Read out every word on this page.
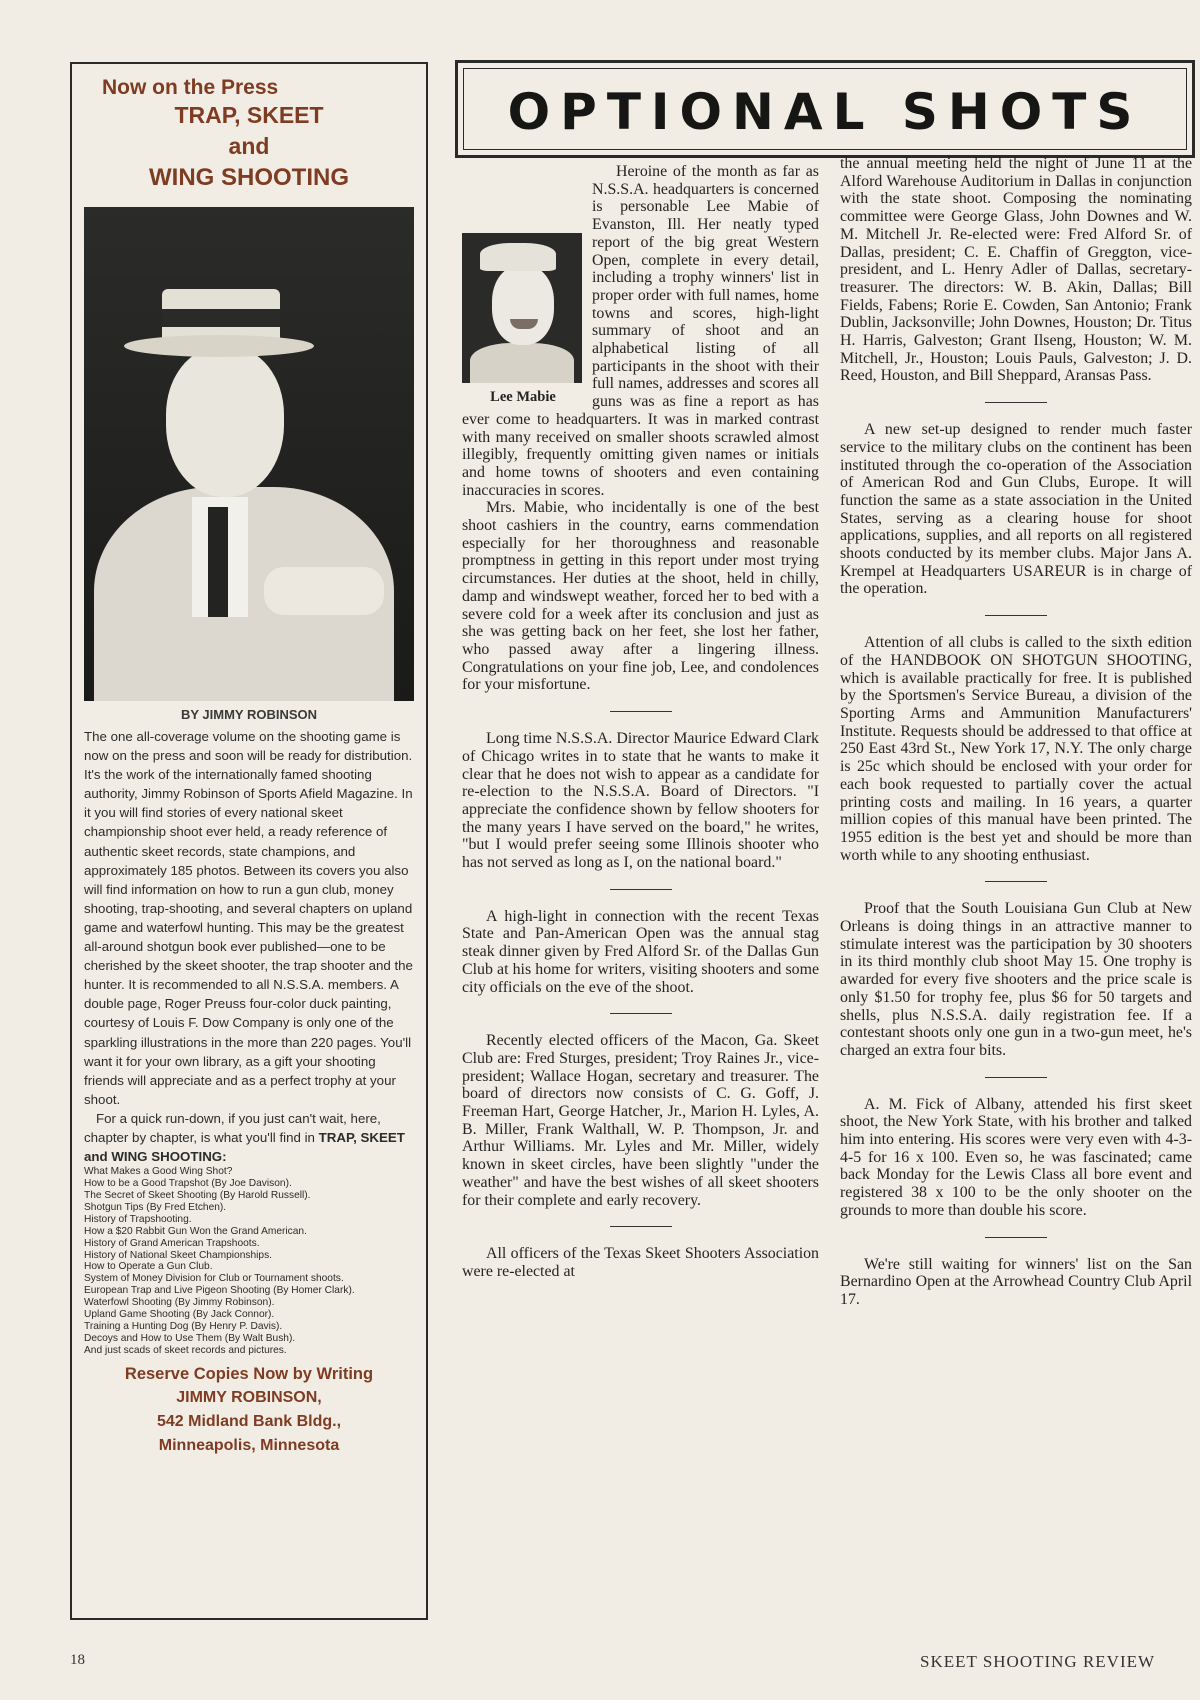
Now on the Press
TRAP, SKEET
and
WING SHOOTING
BY JIMMY ROBINSON

The one all-coverage volume on the shooting game is now on the press and soon will be ready for distribution. It's the work of the internationally famed shooting authority, Jimmy Robinson of Sports Afield Magazine. In it you will find stories of every national skeet championship shoot ever held, a ready reference of authentic skeet records, state champions, and approximately 185 photos. Between its covers you also will find information on how to run a gun club, money shooting, trap-shooting, and several chapters on upland game and waterfowl hunting. This may be the greatest all-around shotgun book ever published—one to be cherished by the skeet shooter, the trap shooter and the hunter. It is recommended to all N.S.S.A. members. A double page, Roger Preuss four-color duck painting, courtesy of Louis F. Dow Company is only one of the sparkling illustrations in the more than 220 pages. You'll want it for your own library, as a gift your shooting friends will appreciate and as a perfect trophy at your shoot.

For a quick run-down, if you just can't wait, here, chapter by chapter, is what you'll find in TRAP, SKEET and WING SHOOTING:

What Makes a Good Wing Shot?
How to be a Good Trapshot (By Joe Davison).
The Secret of Skeet Shooting (By Harold Russell).
Shotgun Tips (By Fred Etchen).
History of Trapshooting.
How a $20 Rabbit Gun Won the Grand American.
History of Grand American Trapshoots.
History of National Skeet Championships.
How to Operate a Gun Club.
System of Money Division for Club or Tournament shoots.
European Trap and Live Pigeon Shooting (By Homer Clark).
Waterfowl Shooting (By Jimmy Robinson).
Upland Game Shooting (By Jack Connor).
Training a Hunting Dog (By Henry P. Davis).
Decoys and How to Use Them (By Walt Bush).
And just scads of skeet records and pictures.
Reserve Copies Now by Writing
JIMMY ROBINSON,
542 Midland Bank Bldg.,
Minneapolis, Minnesota
OPTIONAL SHOTS
Lee Mabie

Heroine of the month as far as N.S.S.A. headquarters is concerned is personable Lee Mabie of Evanston, Ill. Her neatly typed report of the big great Western Open, complete in every detail, including a trophy winners' list in proper order with full names, home towns and scores, high-light summary of shoot and an alphabetical listing of all participants in the shoot with their full names, addresses and scores all guns was as fine a report as has ever come to headquarters. It was in marked contrast with many received on smaller shoots scrawled almost illegibly, frequently omitting given names or initials and home towns of shooters and even containing inaccuracies in scores.

Mrs. Mabie, who incidentally is one of the best shoot cashiers in the country, earns commendation especially for her thoroughness and reasonable promptness in getting in this report under most trying circumstances. Her duties at the shoot, held in chilly, damp and windswept weather, forced her to bed with a severe cold for a week after its conclusion and just as she was getting back on her feet, she lost her father, who passed away after a lingering illness. Congratulations on your fine job, Lee, and condolences for your misfortune.

Long time N.S.S.A. Director Maurice Edward Clark of Chicago writes in to state that he wants to make it clear that he does not wish to appear as a candidate for re-election to the N.S.S.A. Board of Directors. "I appreciate the confidence shown by fellow shooters for the many years I have served on the board," he writes, "but I would prefer seeing some Illinois shooter who has not served as long as I, on the national board."

A high-light in connection with the recent Texas State and Pan-American Open was the annual stag steak dinner given by Fred Alford Sr. of the Dallas Gun Club at his home for writers, visiting shooters and some city officials on the eve of the shoot.

Recently elected officers of the Macon, Ga. Skeet Club are: Fred Sturges, president; Troy Raines Jr., vice-president; Wallace Hogan, secretary and treasurer. The board of directors now consists of C. G. Goff, J. Freeman Hart, George Hatcher, Jr., Marion H. Lyles, A. B. Miller, Frank Walthall, W. P. Thompson, Jr. and Arthur Williams. Mr. Lyles and Mr. Miller, widely known in skeet circles, have been slightly "under the weather" and have the best wishes of all skeet shooters for their complete and early recovery.

All officers of the Texas Skeet Shooters Association were re-elected at

the annual meeting held the night of June 11 at the Alford Warehouse Auditorium in Dallas in conjunction with the state shoot. Composing the nominating committee were George Glass, John Downes and W. M. Mitchell Jr. Re-elected were: Fred Alford Sr. of Dallas, president; C. E. Chaffin of Greggton, vice-president, and L. Henry Adler of Dallas, secretary-treasurer. The directors: W. B. Akin, Dallas; Bill Fields, Fabens; Rorie E. Cowden, San Antonio; Frank Dublin, Jacksonville; John Downes, Houston; Dr. Titus H. Harris, Galveston; Grant Ilseng, Houston; W. M. Mitchell, Jr., Houston; Louis Pauls, Galveston; J. D. Reed, Houston, and Bill Sheppard, Aransas Pass.

A new set-up designed to render much faster service to the military clubs on the continent has been instituted through the co-operation of the Association of American Rod and Gun Clubs, Europe. It will function the same as a state association in the United States, serving as a clearing house for shoot applications, supplies, and all reports on all registered shoots conducted by its member clubs. Major Jans A. Krempel at Headquarters USAREUR is in charge of the operation.

Attention of all clubs is called to the sixth edition of the HANDBOOK ON SHOTGUN SHOOTING, which is available practically for free. It is published by the Sportsmen's Service Bureau, a division of the Sporting Arms and Ammunition Manufacturers' Institute. Requests should be addressed to that office at 250 East 43rd St., New York 17, N.Y. The only charge is 25c which should be enclosed with your order for each book requested to partially cover the actual printing costs and mailing. In 16 years, a quarter million copies of this manual have been printed. The 1955 edition is the best yet and should be more than worth while to any shooting enthusiast.

Proof that the South Louisiana Gun Club at New Orleans is doing things in an attractive manner to stimulate interest was the participation by 30 shooters in its third monthly club shoot May 15. One trophy is awarded for every five shooters and the price scale is only $1.50 for trophy fee, plus $6 for 50 targets and shells, plus N.S.S.A. daily registration fee. If a contestant shoots only one gun in a two-gun meet, he's charged an extra four bits.

A. M. Fick of Albany, attended his first skeet shoot, the New York State, with his brother and talked him into entering. His scores were very even with 4-3-4-5 for 16 x 100. Even so, he was fascinated; came back Monday for the Lewis Class all bore event and registered 38 x 100 to be the only shooter on the grounds to more than double his score.

We're still waiting for winners' list on the San Bernardino Open at the Arrowhead Country Club April 17.

18	SKEET SHOOTING REVIEW
